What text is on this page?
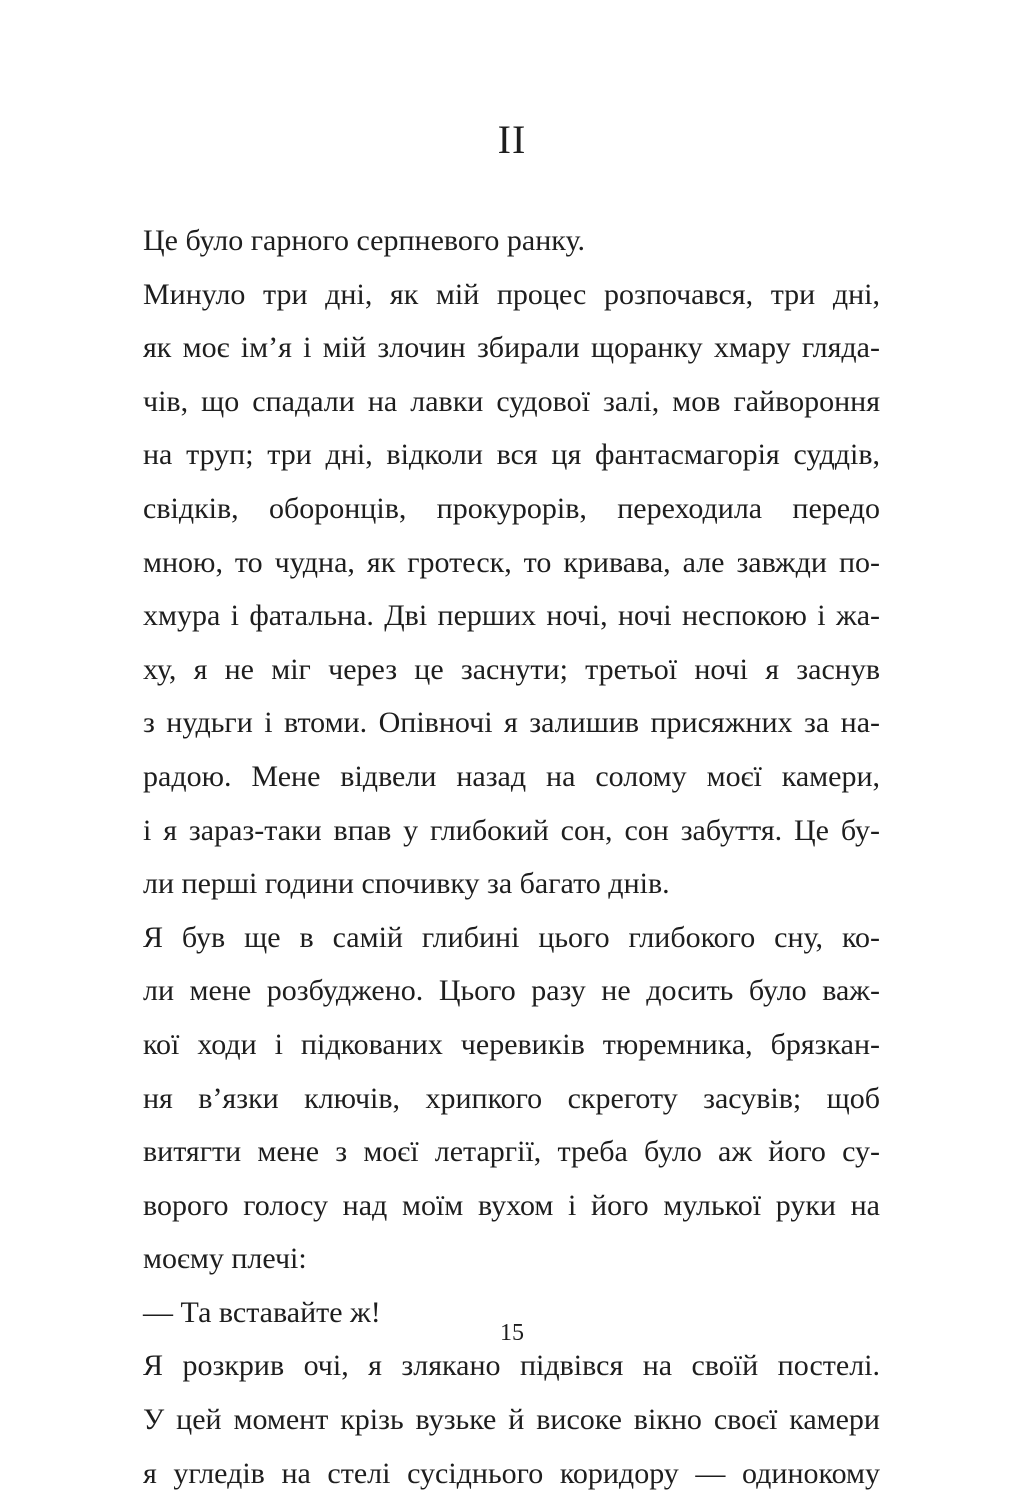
II
Це було гарного серпневого ранку.
Минуло три дні, як мій процес розпочався, три дні,
як моє ім’я і мій злочин збирали щоранку хмару гляда-
чів, що спадали на лавки судової залі, мов гайвороння
на труп; три дні, відколи вся ця фантасмагорія суддів,
свідків, оборонців, прокурорів, переходила передо
мною, то чудна, як гротеск, то кривава, але завжди по-
хмура і фатальна. Дві перших ночі, ночі неспокою і жа-
ху, я не міг через це заснути; третьої ночі я заснув
з нудьги і втоми. Опівночі я залишив присяжних за на-
радою. Мене відвели назад на солому моєї камери,
і я зараз-таки впав у глибокий сон, сон забуття. Це бу-
ли перші години спочивку за багато днів.
Я був ще в самій глибині цього глибокого сну, ко-
ли мене розбуджено. Цього разу не досить було важ-
кої ходи і підкованих черевиків тюремника, брязкан-
ня в’язки ключів, хрипкого скреготу засувів; щоб
витягти мене з моєї летаргії, треба було аж його су-
ворого голосу над моїм вухом і його мулької руки на
моєму плечі:
— Та вставайте ж!
Я розкрив очі, я злякано підвівся на своїй постелі.
У цей момент крізь вузьке й високе вікно своєї камери
я угледів на стелі сусіднього коридору — одинокому
15
